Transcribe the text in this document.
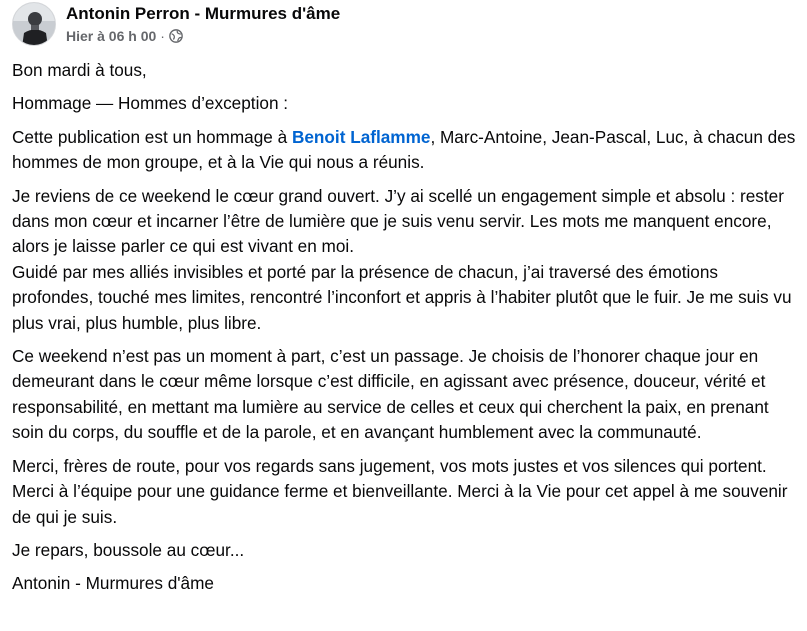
Antonin Perron - Murmures d'âme
Hier à 06 h 00 ·

Bon mardi à tous,

Hommage — Hommes d’exception :

Cette publication est un hommage à Benoit Laflamme, Marc-Antoine, Jean-Pascal, Luc, à chacun des hommes de mon groupe, et à la Vie qui nous a réunis.

Je reviens de ce weekend le cœur grand ouvert. J’y ai scellé un engagement simple et absolu : rester dans mon cœur et incarner l’être de lumière que je suis venu servir. Les mots me manquent encore, alors je laisse parler ce qui est vivant en moi.
Guidé par mes alliés invisibles et porté par la présence de chacun, j’ai traversé des émotions profondes, touché mes limites, rencontré l’inconfort et appris à l’habiter plutôt que le fuir. Je me suis vu plus vrai, plus humble, plus libre.

Ce weekend n’est pas un moment à part, c’est un passage. Je choisis de l’honorer chaque jour en demeurant dans le cœur même lorsque c’est difficile, en agissant avec présence, douceur, vérité et responsabilité, en mettant ma lumière au service de celles et ceux qui cherchent la paix, en prenant soin du corps, du souffle et de la parole, et en avançant humblement avec la communauté.

Merci, frères de route, pour vos regards sans jugement, vos mots justes et vos silences qui portent. Merci à l’équipe pour une guidance ferme et bienveillante. Merci à la Vie pour cet appel à me souvenir de qui je suis.

Je repars, boussole au cœur...

Antonin - Murmures d'âme
